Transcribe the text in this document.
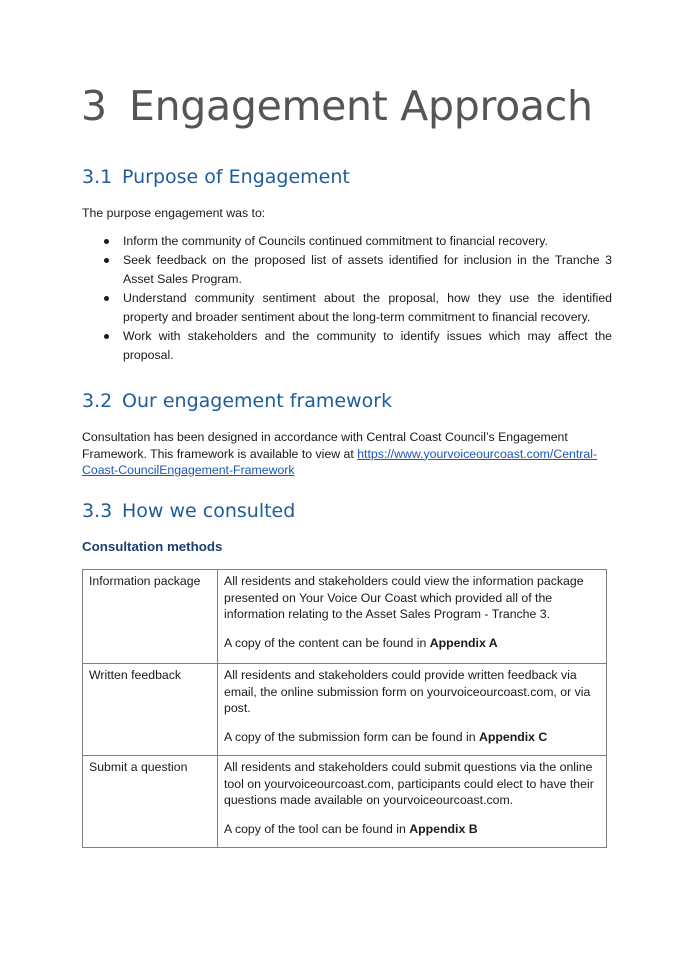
3 Engagement Approach
3.1 Purpose of Engagement

The purpose engagement was to:

Inform the community of Councils continued commitment to financial recovery.
Seek feedback on the proposed list of assets identified for inclusion in the Tranche 3 Asset Sales Program.
Understand community sentiment about the proposal, how they use the identified property and broader sentiment about the long-term commitment to financial recovery.
Work with stakeholders and the community to identify issues which may affect the proposal.
3.2 Our engagement framework

Consultation has been designed in accordance with Central Coast Council’s Engagement Framework. This framework is available to view at https://www.yourvoiceourcoast.com/Central-Coast-CouncilEngagement-Framework

3.3 How we consulted
Consultation methods
Information package	All residents and stakeholders could view the information package presented on Your Voice Our Coast which provided all of the information relating to the Asset Sales Program - Tranche 3.

A copy of the content can be found in Appendix A

Written feedback	All residents and stakeholders could provide written feedback via email, the online submission form on yourvoiceourcoast.com, or via post.

A copy of the submission form can be found in Appendix C

Submit a question	All residents and stakeholders could submit questions via the online tool on yourvoiceourcoast.com, participants could elect to have their questions made available on yourvoiceourcoast.com.

A copy of the tool can be found in Appendix B
